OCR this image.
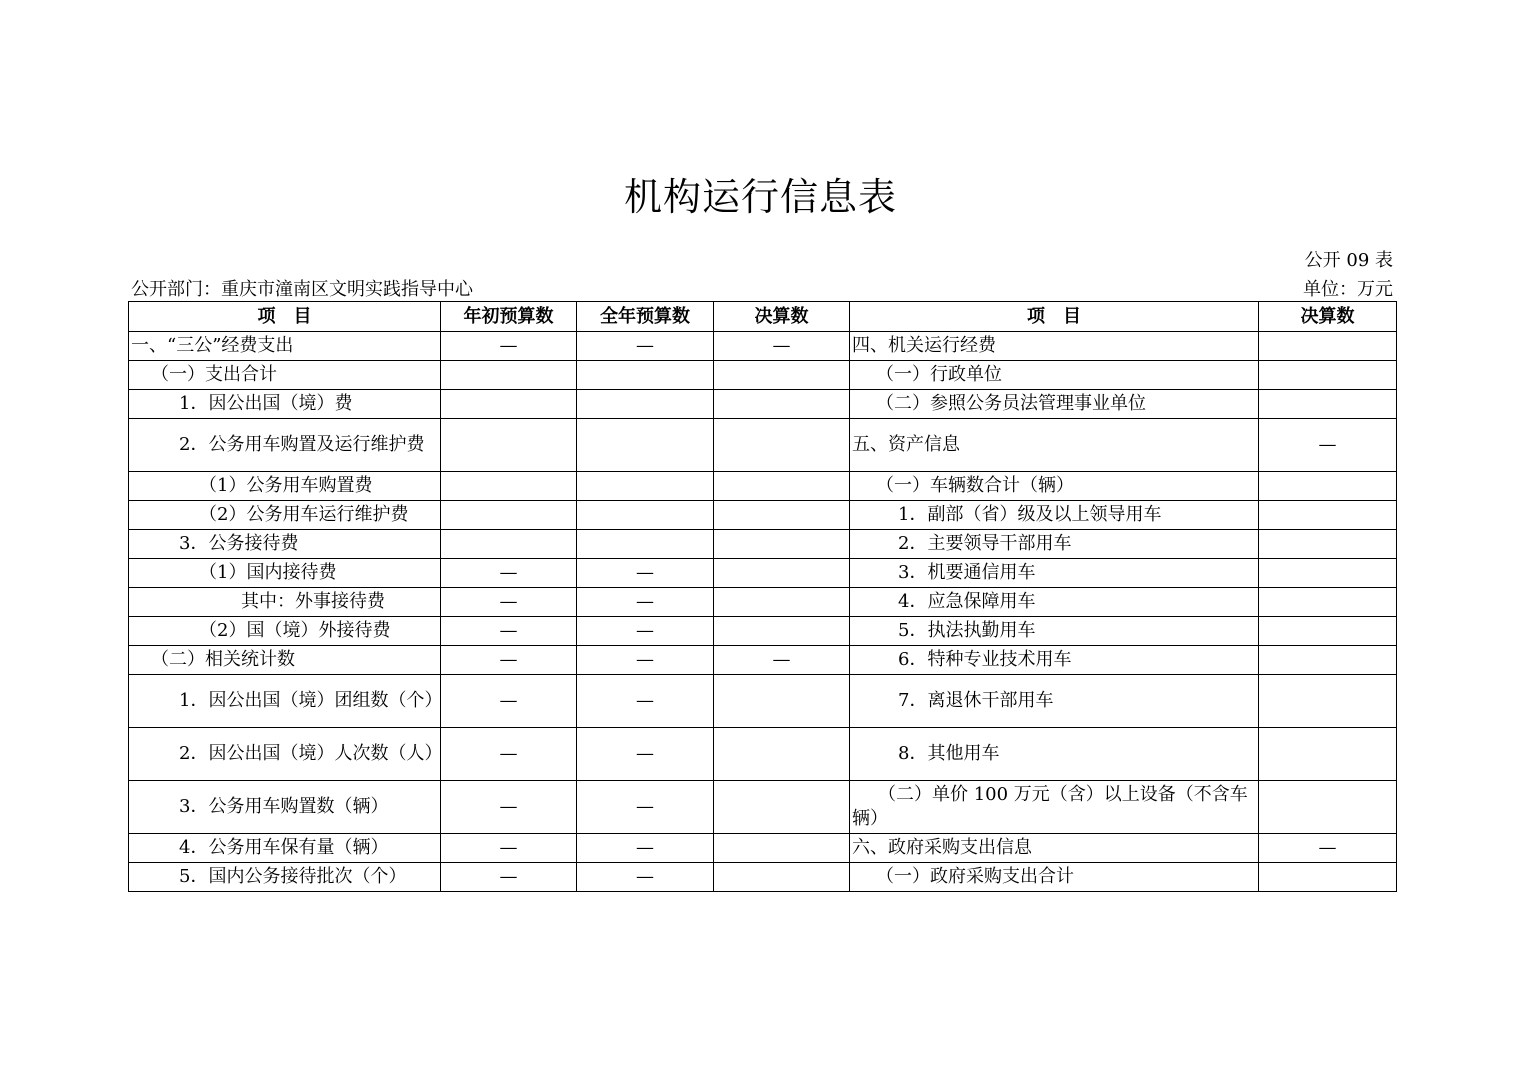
机构运行信息表
公开 09 表
公开部门：重庆市潼南区文明实践指导中心	单位：万元
项　目	年初预算数	全年预算数	决算数	项　目	决算数
一、“三公”经费支出	—	—	—	四、机关运行经费	
（一）支出合计				（一）行政单位	
1．因公出国（境）费				（二）参照公务员法管理事业单位	
2．公务用车购置及运行维护费				五、资产信息	—
（1）公务用车购置费				（一）车辆数合计（辆）	
（2）公务用车运行维护费				1．副部（省）级及以上领导用车	
3．公务接待费				2．主要领导干部用车	
（1）国内接待费	—	—		3．机要通信用车	
其中：外事接待费	—	—		4．应急保障用车	
（2）国（境）外接待费	—	—		5．执法执勤用车	
（二）相关统计数	—	—	—	6．特种专业技术用车	
1．因公出国（境）团组数（个）	—	—		7．离退休干部用车	
2．因公出国（境）人次数（人）	—	—		8．其他用车	
3．公务用车购置数（辆）	—	—		（二）单价 100 万元（含）以上设备（不含车辆）	
4．公务用车保有量（辆）	—	—		六、政府采购支出信息	—
5．国内公务接待批次（个）	—	—		（一）政府采购支出合计	
